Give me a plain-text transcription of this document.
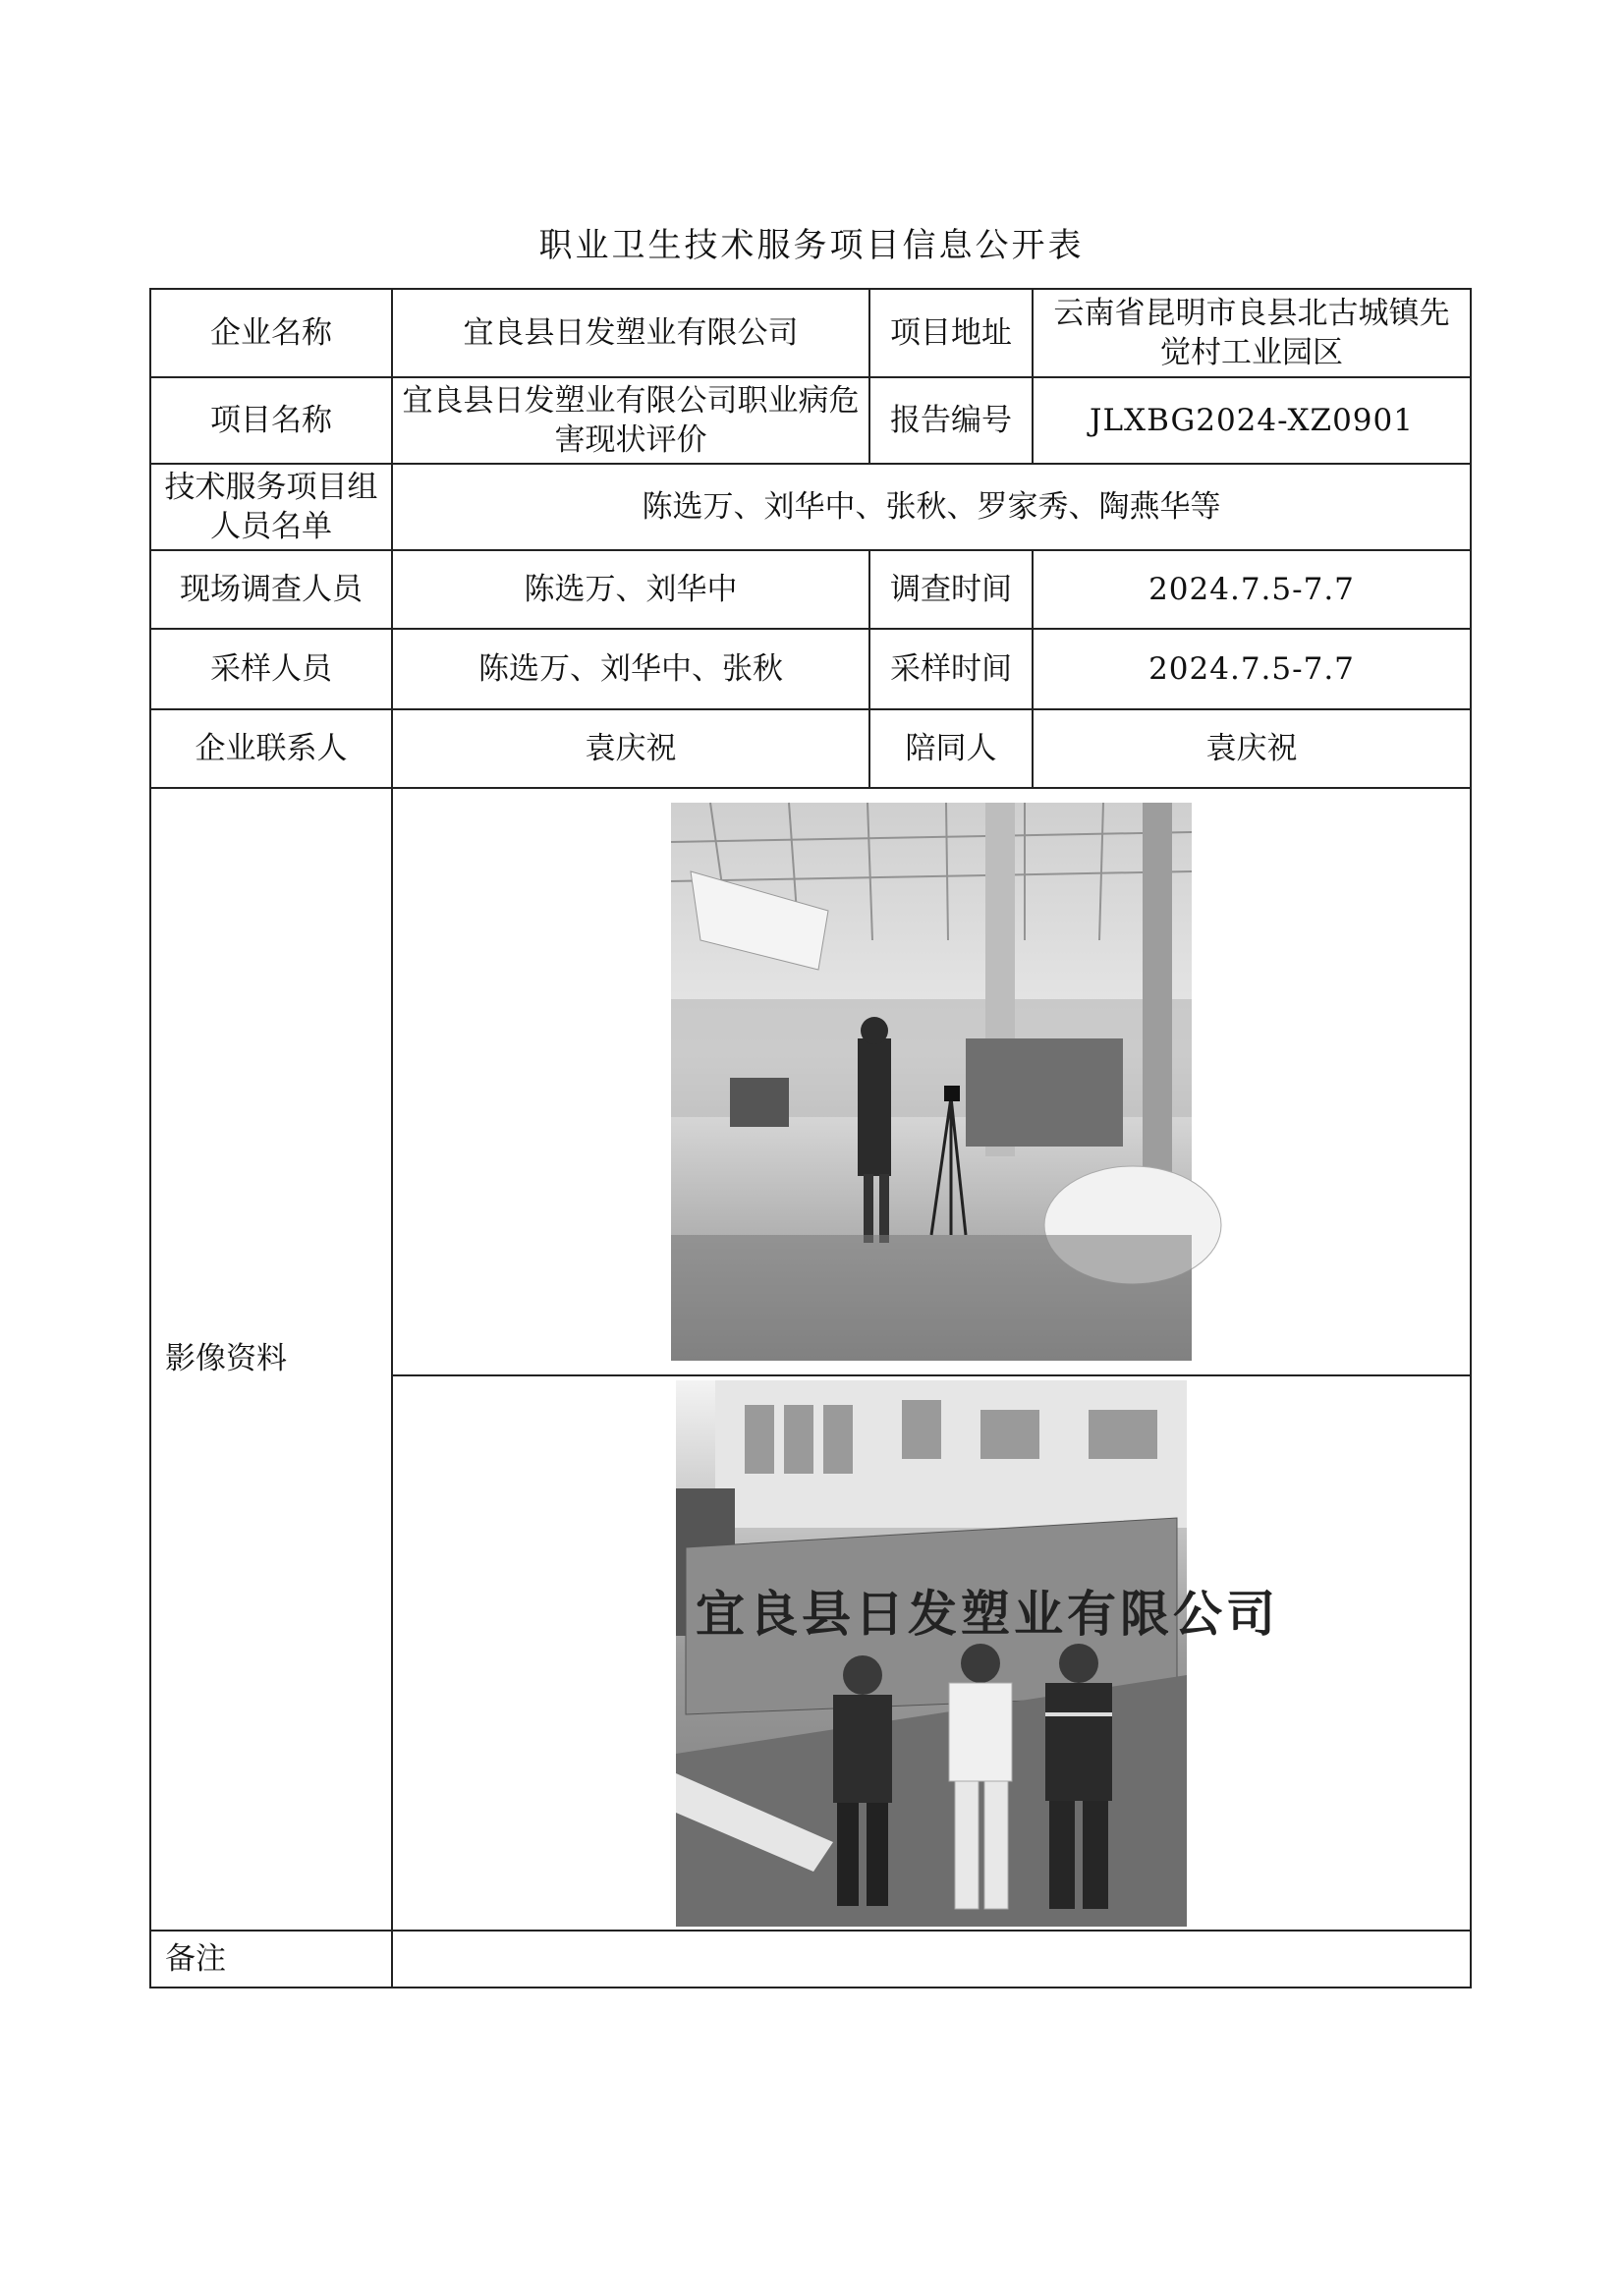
职业卫生技术服务项目信息公开表
企业名称	宜良县日发塑业有限公司	项目地址	云南省昆明市良县北古城镇先觉村工业园区
项目名称	宜良县日发塑业有限公司职业病危害现状评价	报告编号	JLXBG2024-XZ0901
技术服务项目组人员名单	陈选万、刘华中、张秋、罗家秀、陶燕华等		
现场调查人员	陈选万、刘华中	调查时间	2024.7.5-7.7
采样人员	陈选万、刘华中、张秋	采样时间	2024.7.5-7.7
企业联系人	袁庆祝	陪同人	袁庆祝
影像资料	

宜良县日发塑业有限公司		

备注			
